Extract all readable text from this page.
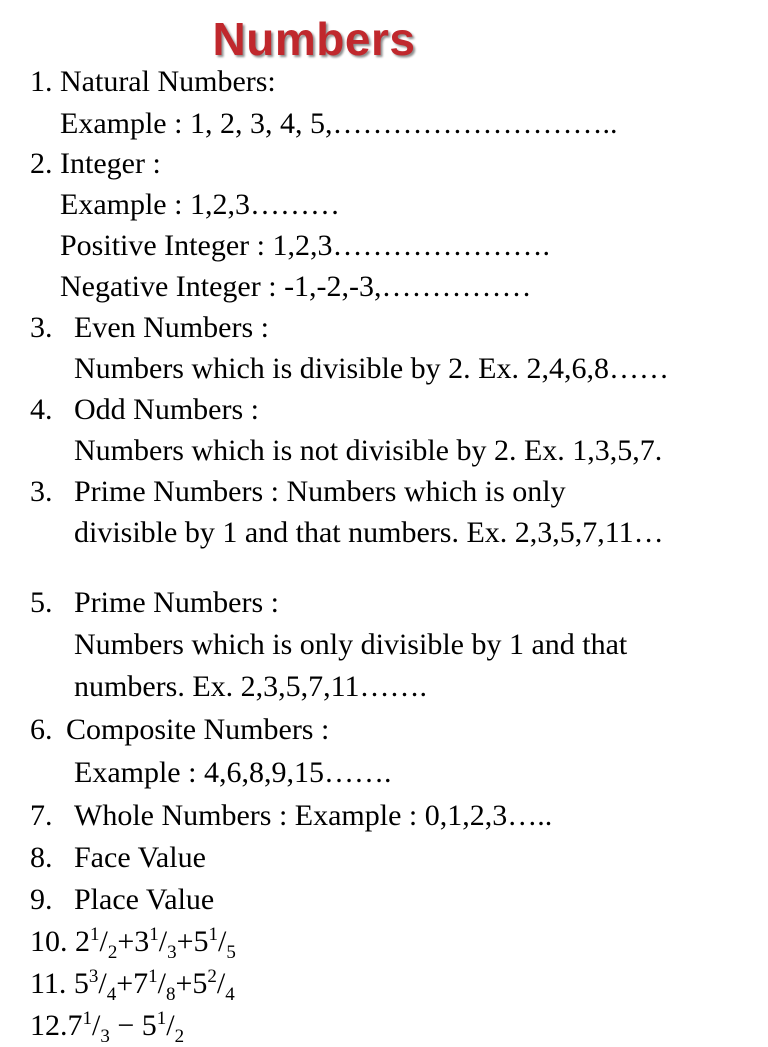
Numbers
1. Natural Numbers:
Example : 1, 2, 3, 4, 5,………………………..
2. Integer :
Example : 1,2,3………
Positive Integer : 1,2,3………………….
Negative Integer : -1,-2,-3,……………
3. Even Numbers :
Numbers which is divisible by 2. Ex. 2,4,6,8……
4. Odd Numbers :
Numbers which is not divisible by 2. Ex. 1,3,5,7.
3. Prime Numbers : Numbers which is only
divisible by 1 and that numbers. Ex. 2,3,5,7,11…
5. Prime Numbers :
Numbers which is only divisible by 1 and that
numbers. Ex. 2,3,5,7,11…….
6. Composite Numbers :
Example : 4,6,8,9,15…….
7. Whole Numbers : Example : 0,1,2,3…..
8. Face Value
9. Place Value
10. $2^1/_2+3^1/_3+5^1/_5$
11. $5^3/_4+7^1/_8+5^2/_4$
$12.7^1/_3 - 5^1/_2$
